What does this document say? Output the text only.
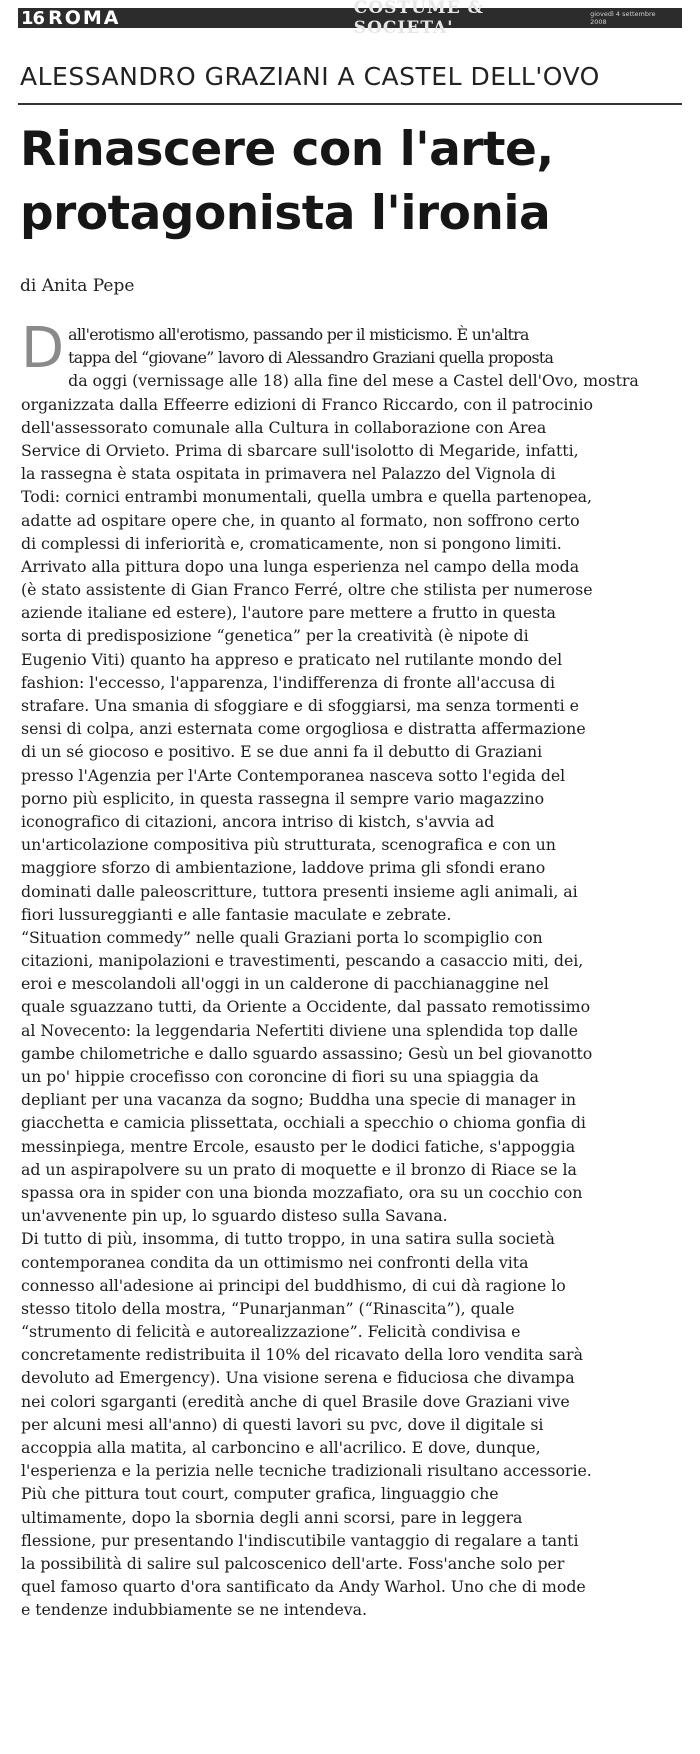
16 ROMA	COSTUME & SOCIETA'
giovedì 4 settembre 2008
ALESSANDRO GRAZIANI A CASTEL DELL'OVO
Rinascere con l'arte,
protagonista l'ironia
di Anita Pepe
D all'erotismo all'erotismo, passando per il misticismo. È un'altra
tappa del “giovane” lavoro di Alessandro Graziani quella proposta
da oggi (vernissage alle 18) alla fine del mese a Castel dell'Ovo, mostra
organizzata dalla Effeerre edizioni di Franco Riccardo, con il patrocinio
dell'assessorato comunale alla Cultura in collaborazione con Area
Service di Orvieto. Prima di sbarcare sull'isolotto di Megaride, infatti,
la rassegna è stata ospitata in primavera nel Palazzo del Vignola di
Todi: cornici entrambi monumentali, quella umbra e quella partenopea,
adatte ad ospitare opere che, in quanto al formato, non soffrono certo
di complessi di inferiorità e, cromaticamente, non si pongono limiti.
Arrivato alla pittura dopo una lunga esperienza nel campo della moda
(è stato assistente di Gian Franco Ferré, oltre che stilista per numerose
aziende italiane ed estere), l'autore pare mettere a frutto in questa
sorta di predisposizione “genetica” per la creatività (è nipote di
Eugenio Viti) quanto ha appreso e praticato nel rutilante mondo del
fashion: l'eccesso, l'apparenza, l'indifferenza di fronte all'accusa di
strafare. Una smania di sfoggiare e di sfoggiarsi, ma senza tormenti e
sensi di colpa, anzi esternata come orgogliosa e distratta affermazione
di un sé giocoso e positivo. E se due anni fa il debutto di Graziani
presso l'Agenzia per l'Arte Contemporanea nasceva sotto l'egida del
porno più esplicito, in questa rassegna il sempre vario magazzino
iconografico di citazioni, ancora intriso di kistch, s'avvia ad
un'articolazione compositiva più strutturata, scenografica e con un
maggiore sforzo di ambientazione, laddove prima gli sfondi erano
dominati dalle paleoscritture, tuttora presenti insieme agli animali, ai
fiori lussureggianti e alle fantasie maculate e zebrate.
“Situation commedy” nelle quali Graziani porta lo scompiglio con
citazioni, manipolazioni e travestimenti, pescando a casaccio miti, dei,
eroi e mescolandoli all'oggi in un calderone di pacchianaggine nel
quale sguazzano tutti, da Oriente a Occidente, dal passato remotissimo
al Novecento: la leggendaria Nefertiti diviene una splendida top dalle
gambe chilometriche e dallo sguardo assassino; Gesù un bel giovanotto
un po' hippie crocefisso con coroncine di fiori su una spiaggia da
depliant per una vacanza da sogno; Buddha una specie di manager in
giacchetta e camicia plissettata, occhiali a specchio o chioma gonfia di
messinpiega, mentre Ercole, esausto per le dodici fatiche, s'appoggia
ad un aspirapolvere su un prato di moquette e il bronzo di Riace se la
spassa ora in spider con una bionda mozzafiato, ora su un cocchio con
un'avvenente pin up, lo sguardo disteso sulla Savana.
Di tutto di più, insomma, di tutto troppo, in una satira sulla società
contemporanea condita da un ottimismo nei confronti della vita
connesso all'adesione ai principi del buddhismo, di cui dà ragione lo
stesso titolo della mostra, “Punarjanman” (“Rinascita”), quale
“strumento di felicità e autorealizzazione”. Felicità condivisa e
concretamente redistribuita il 10% del ricavato della loro vendita sarà
devoluto ad Emergency). Una visione serena e fiduciosa che divampa
nei colori sgarganti (eredità anche di quel Brasile dove Graziani vive
per alcuni mesi all'anno) di questi lavori su pvc, dove il digitale si
accoppia alla matita, al carboncino e all'acrilico. E dove, dunque,
l'esperienza e la perizia nelle tecniche tradizionali risultano accessorie.
Più che pittura tout court, computer grafica, linguaggio che
ultimamente, dopo la sbornia degli anni scorsi, pare in leggera
flessione, pur presentando l'indiscutibile vantaggio di regalare a tanti
la possibilità di salire sul palcoscenico dell'arte. Foss'anche solo per
quel famoso quarto d'ora santificato da Andy Warhol. Uno che di mode
e tendenze indubbiamente se ne intendeva.
